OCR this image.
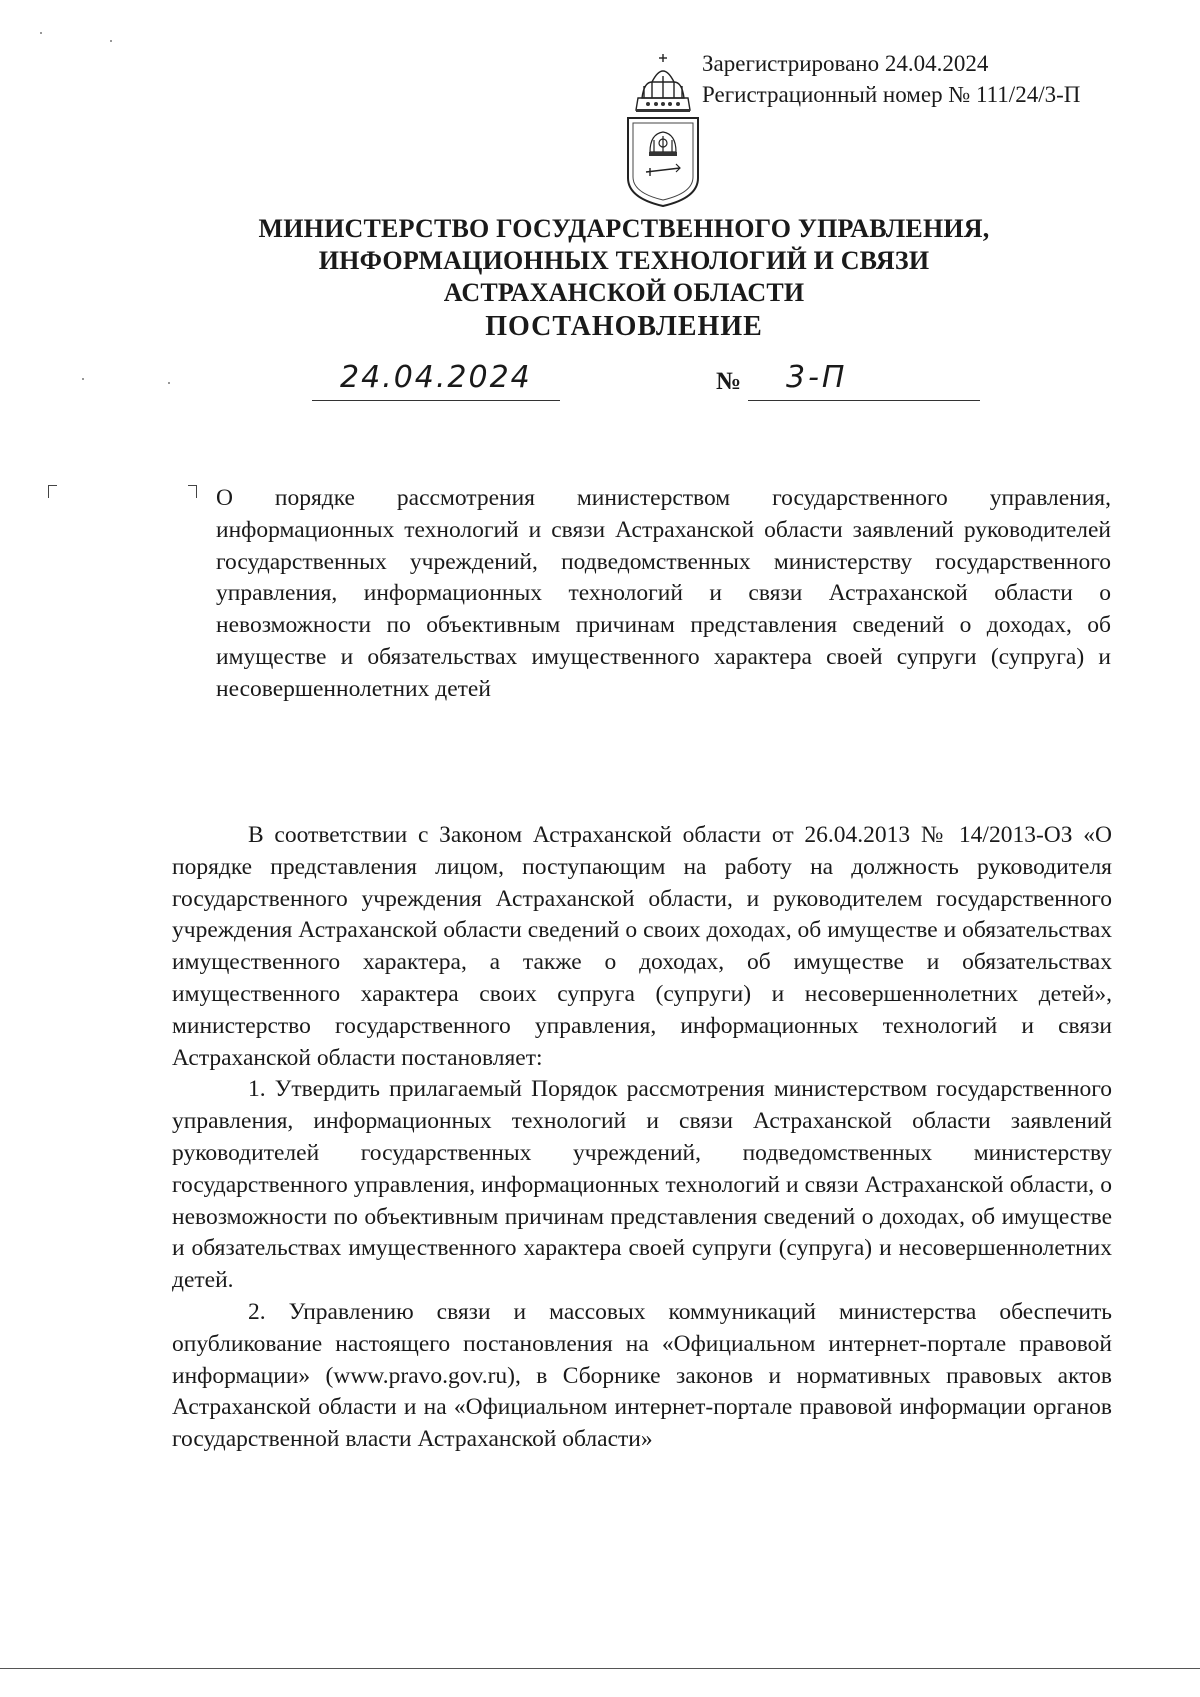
Зарегистрировано 24.04.2024
Регистрационный номер № 111/24/3-П
МИНИСТЕРСТВО ГОСУДАРСТВЕННОГО УПРАВЛЕНИЯ,
ИНФОРМАЦИОННЫХ ТЕХНОЛОГИЙ И СВЯЗИ
АСТРАХАНСКОЙ ОБЛАСТИ
ПОСТАНОВЛЕНИЕ
24.04.2024	№ 3-П
О порядке рассмотрения министерством государственного управления, информационных технологий и связи Астраханской области заявлений руководителей государственных учреждений, подведомственных министерству государственного управления, информационных технологий и связи Астраханской области о невозможности по объективным причинам представления сведений о доходах, об имуществе и обязательствах имущественного характера своей супруги (супруга) и несовершеннолетних детей

В соответствии с Законом Астраханской области от 26.04.2013 № 14/2013-ОЗ «О порядке представления лицом, поступающим на работу на должность руководителя государственного учреждения Астраханской области, и руководителем государственного учреждения Астраханской области сведений о своих доходах, об имуществе и обязательствах имущественного характера, а также о доходах, об имуществе и обязательствах имущественного характера своих супруга (супруги) и несовершеннолетних детей», министерство государственного управления, информационных технологий и связи Астраханской области постановляет:

1. Утвердить прилагаемый Порядок рассмотрения министерством государственного управления, информационных технологий и связи Астраханской области заявлений руководителей государственных учреждений, подведомственных министерству государственного управления, информационных технологий и связи Астраханской области, о невозможности по объективным причинам представления сведений о доходах, об имуществе и обязательствах имущественного характера своей супруги (супруга) и несовершеннолетних детей.

2. Управлению связи и массовых коммуникаций министерства обеспечить опубликование настоящего постановления на «Официальном интернет-портале правовой информации» (www.pravo.gov.ru), в Сборнике законов и нормативных правовых актов Астраханской области и на «Официальном интернет-портале правовой информации органов государственной власти Астраханской области»
